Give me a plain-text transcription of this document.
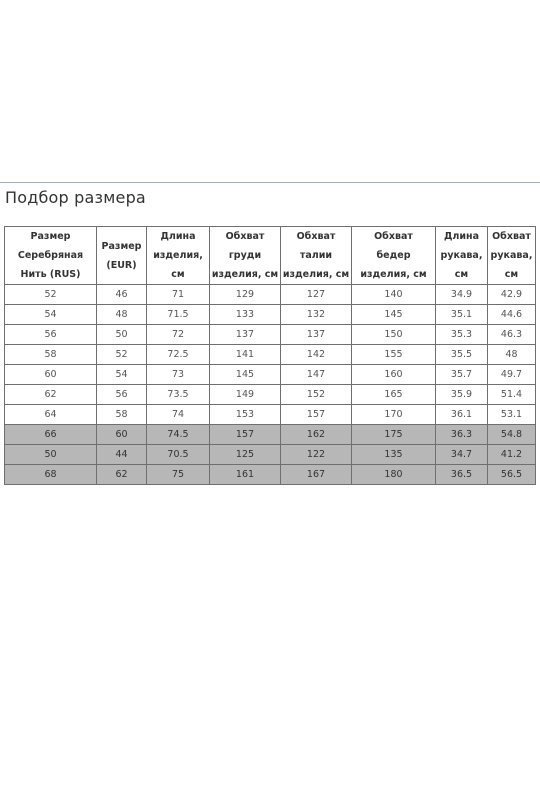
Подбор размера
Размер
Серебряная
Нить (RUS)	Размер
(EUR)	Длина
изделия,
см	Обхват
груди
изделия, см	Обхват
талии
изделия, см	Обхват
бедер
изделия, см	Длина
рукава,
см	Обхват
рукава,
см

52	46	71	129	127	140	34.9	42.9
54	48	71.5	133	132	145	35.1	44.6
56	50	72	137	137	150	35.3	46.3
58	52	72.5	141	142	155	35.5	48
60	54	73	145	147	160	35.7	49.7
62	56	73.5	149	152	165	35.9	51.4
64	58	74	153	157	170	36.1	53.1
66	60	74.5	157	162	175	36.3	54.8
50	44	70.5	125	122	135	34.7	41.2
68	62	75	161	167	180	36.5	56.5
